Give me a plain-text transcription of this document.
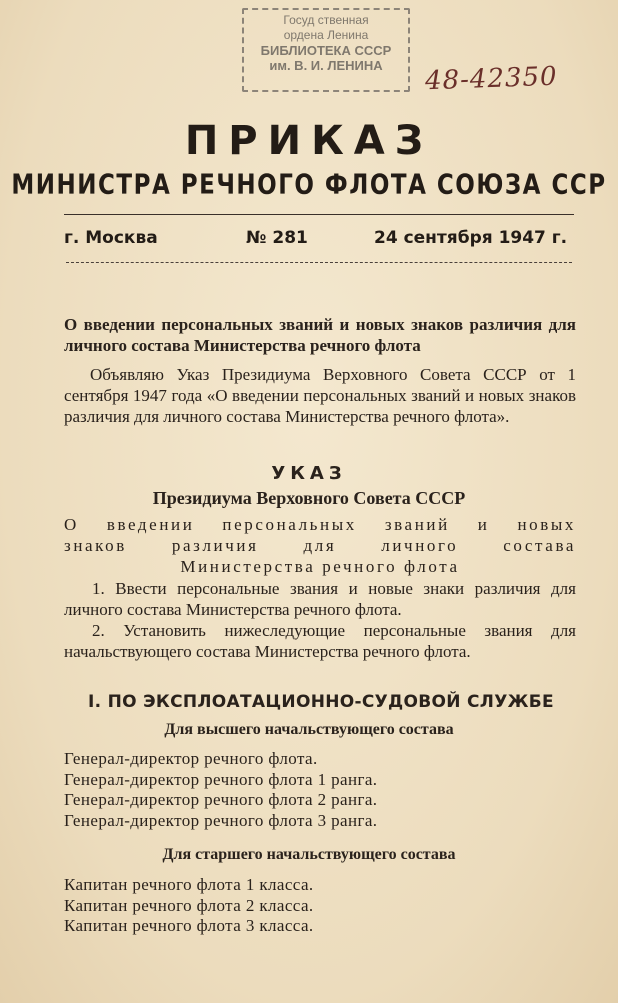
Госуд ственная
ордена Ленина
БИБЛИОТЕКА СССР
им. В. И. ЛЕНИНА	48-42350
ПРИКАЗ
МИНИСТРА РЕЧНОГО ФЛОТА СОЮЗА ССР
г. Москва	№ 281	24 сентября 1947 г.
О введении персональных званий и новых знаков различия для личного состава Министерства речного флота
Объявляю Указ Президиума Верховного Совета СССР от 1 сентября 1947 года «О введении персональных званий и новых знаков различия для личного состава Министерства речного флота».
УКАЗ
Президиума Верховного Совета СССР
О введении персональных званий и новых
знаков различия для личного состава
Министерства речного флота
1. Ввести персональные звания и новые знаки различия для личного состава Министерства речного флота.
2. Установить нижеследующие персональные звания для начальствующего состава Министерства речного флота.
I. ПО ЭКСПЛОАТАЦИОННО-СУДОВОЙ СЛУЖБЕ
Для высшего начальствующего состава
Генерал-директор речного флота.
Генерал-директор речного флота 1 ранга.
Генерал-директор речного флота 2 ранга.
Генерал-директор речного флота 3 ранга.
Для старшего начальствующего состава
Капитан речного флота 1 класса.
Капитан речного флота 2 класса.
Капитан речного флота 3 класса.
